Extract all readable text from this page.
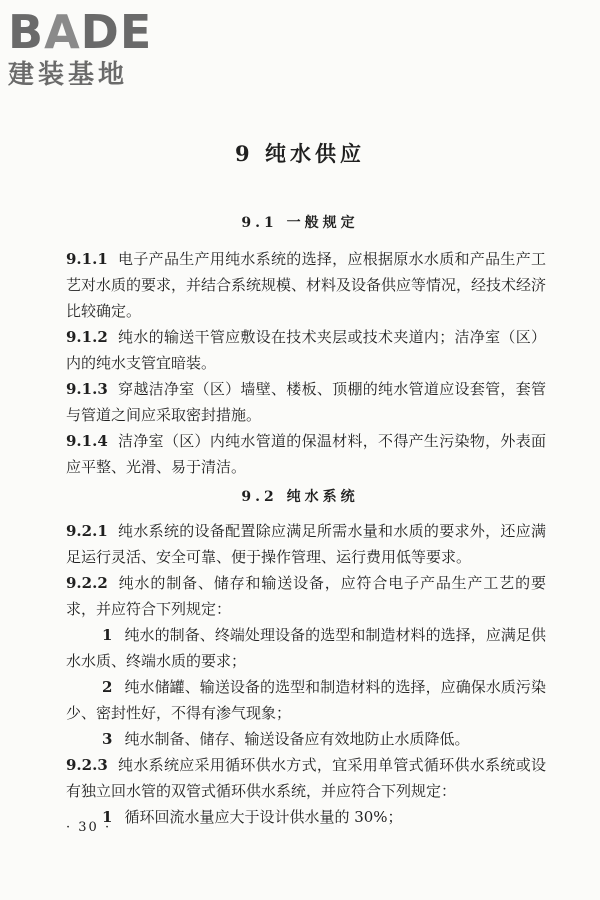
BADE
建装基地
9 纯水供应
9.1 一般规定

9.1.1 电子产品生产用纯水系统的选择，应根据原水水质和产品生产工艺对水质的要求，并结合系统规模、材料及设备供应等情况，经技术经济比较确定。

9.1.2 纯水的输送干管应敷设在技术夹层或技术夹道内；洁净室（区）内的纯水支管宜暗装。

9.1.3 穿越洁净室（区）墙壁、楼板、顶棚的纯水管道应设套管，套管与管道之间应采取密封措施。

9.1.4 洁净室（区）内纯水管道的保温材料，不得产生污染物，外表面应平整、光滑、易于清洁。

9.2 纯水系统

9.2.1 纯水系统的设备配置除应满足所需水量和水质的要求外，还应满足运行灵活、安全可靠、便于操作管理、运行费用低等要求。

9.2.2 纯水的制备、储存和输送设备，应符合电子产品生产工艺的要求，并应符合下列规定：

1 纯水的制备、终端处理设备的选型和制造材料的选择，应满足供水水质、终端水质的要求；

2 纯水储罐、输送设备的选型和制造材料的选择，应确保水质污染少、密封性好，不得有渗气现象；

3 纯水制备、储存、输送设备应有效地防止水质降低。

9.2.3 纯水系统应采用循环供水方式，宜采用单管式循环供水系统或设有独立回水管的双管式循环供水系统，并应符合下列规定：

1 循环回流水量应大于设计供水量的 30%；

· 30 ·
